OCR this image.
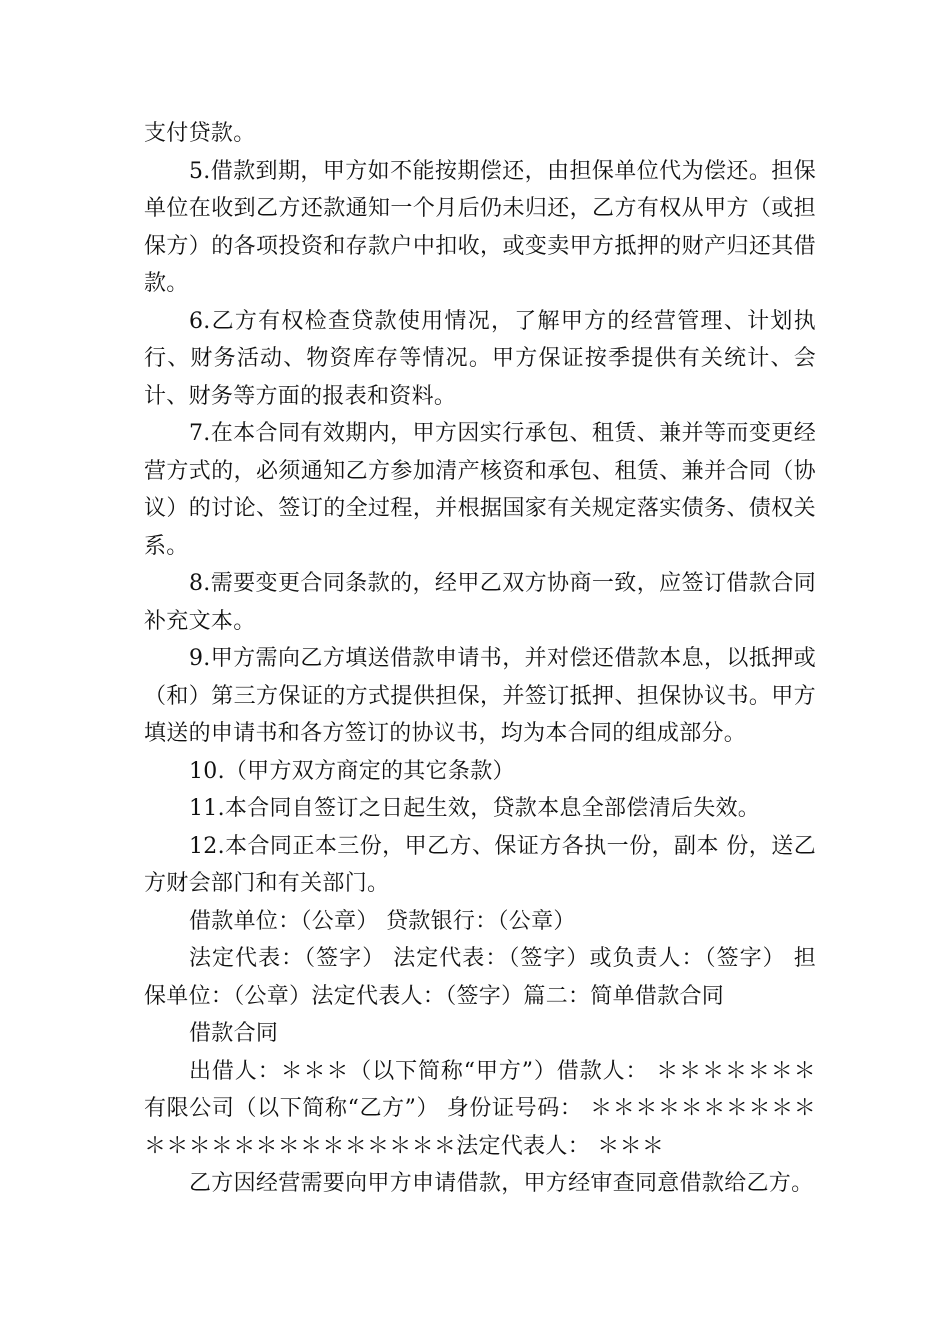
支付贷款。

5.借款到期，甲方如不能按期偿还，由担保单位代为偿还。担保单位在收到乙方还款通知一个月后仍未归还，乙方有权从甲方（或担保方）的各项投资和存款户中扣收，或变卖甲方抵押的财产归还其借款。

6.乙方有权检查贷款使用情况，了解甲方的经营管理、计划执行、财务活动、物资库存等情况。甲方保证按季提供有关统计、会计、财务等方面的报表和资料。

7.在本合同有效期内，甲方因实行承包、租赁、兼并等而变更经营方式的，必须通知乙方参加清产核资和承包、租赁、兼并合同（协议）的讨论、签订的全过程，并根据国家有关规定落实债务、债权关系。

8.需要变更合同条款的，经甲乙双方协商一致，应签订借款合同补充文本。

9.甲方需向乙方填送借款申请书，并对偿还借款本息，以抵押或（和）第三方保证的方式提供担保，并签订抵押、担保协议书。甲方填送的申请书和各方签订的协议书，均为本合同的组成部分。

10.（甲方双方商定的其它条款）

11.本合同自签订之日起生效，贷款本息全部偿清后失效。

12.本合同正本三份，甲乙方、保证方各执一份，副本 份，送乙方财会部门和有关部门。

借款单位：（公章） 贷款银行：（公章）

法定代表：（签字） 法定代表：（签字）或负责人：（签字） 担保单位：（公章）法定代表人：（签字）篇二：简单借款合同

借款合同

出借人：＊＊＊（以下简称“甲方”）借款人： ＊＊＊＊＊＊＊有限公司（以下简称“乙方”） 身份证号码： ＊＊＊＊＊＊＊＊＊＊＊＊＊＊＊＊＊＊＊＊＊＊＊＊法定代表人： ＊＊＊

乙方因经营需要向甲方申请借款，甲方经审查同意借款给乙方。
